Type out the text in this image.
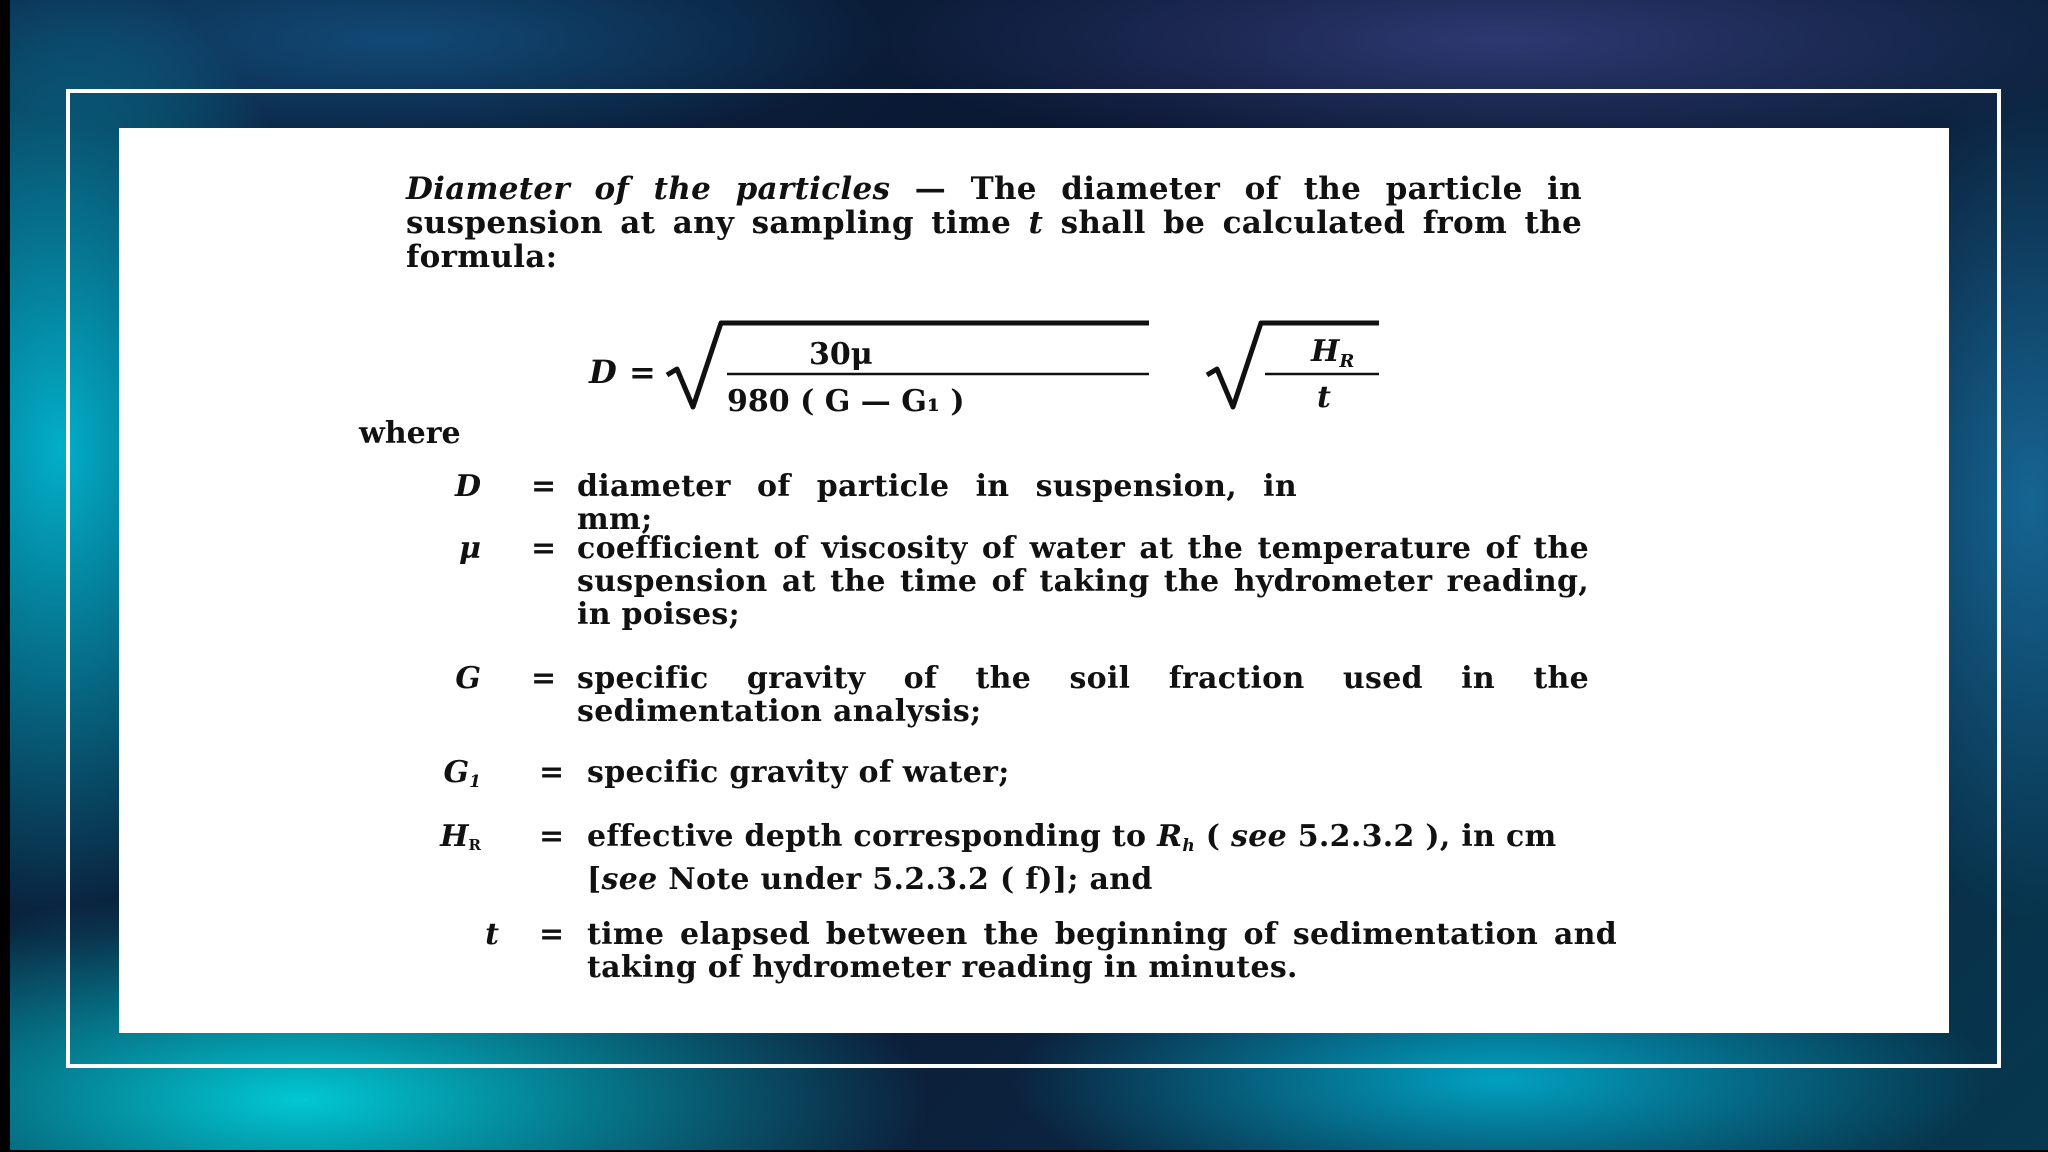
Diameter of the particles — The diameter of the particle in suspension at any sampling time t shall be calculated from the formula:
D =	30μ
980 ( G — G₁ )
$H_R$
t
where
D = diameter of particle in suspension, in mm;
μ = coefficient of viscosity of water at the temperature of the suspension at the time of taking the hydrometer reading, in poises;
G = specific gravity of the soil fraction used in the sedimentation analysis;
$G_1$ = specific gravity of water;
HR = effective depth corresponding to $R_h$ ( see 5.2.3.2 ), in cm
[see Note under 5.2.3.2 ( f)]; and
t = time elapsed between the beginning of sedimentation and taking of hydrometer reading in minutes.
